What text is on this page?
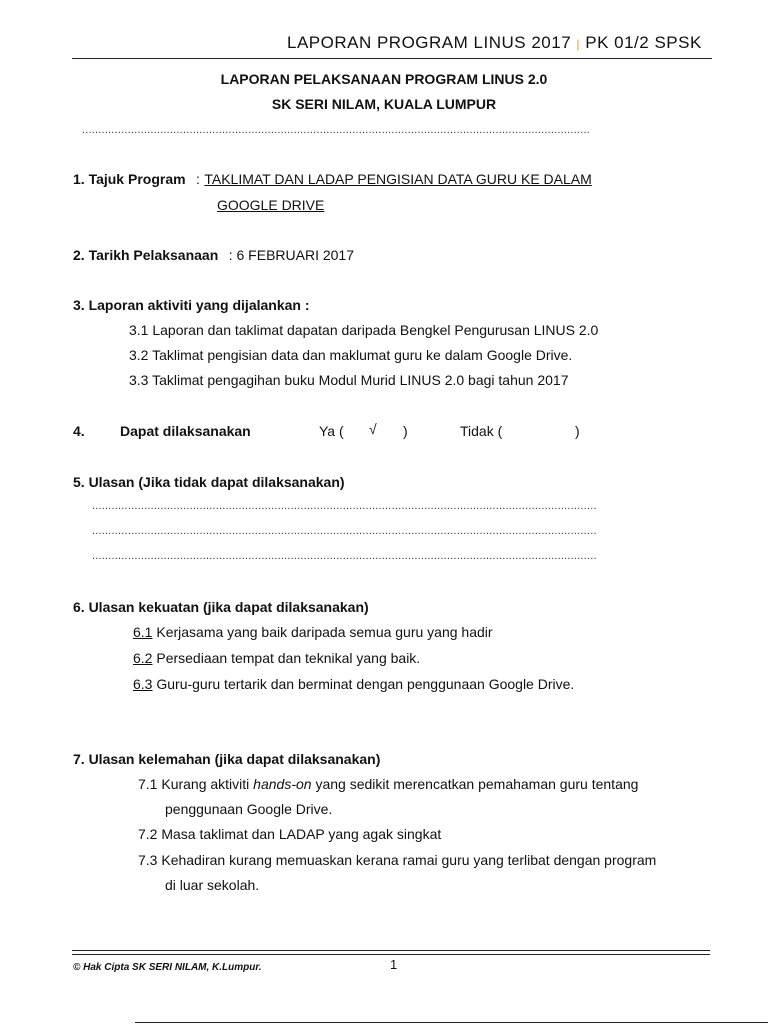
LAPORAN PROGRAM LINUS 2017 | PK 01/2 SPSK
LAPORAN PELAKSANAAN PROGRAM LINUS 2.0
SK SERI NILAM, KUALA LUMPUR
............................................................................................................................................................
1. Tajuk Program : TAKLIMAT DAN LADAP PENGISIAN DATA GURU KE DALAM
GOOGLE DRIVE
2. Tarikh Pelaksanaan : 6 FEBRUARI 2017
3. Laporan aktiviti yang dijalankan :
3.1 Laporan dan taklimat dapatan daripada Bengkel Pengurusan LINUS 2.0
3.2 Taklimat pengisian data dan maklumat guru ke dalam Google Drive.
3.3 Taklimat pengagihan buku Modul Murid LINUS 2.0 bagi tahun 2017
4.	Dapat dilaksanakan	Ya ( √ )	Tidak (	)
5. Ulasan (Jika tidak dapat dilaksanakan)
...........................................................................................................................................................
...........................................................................................................................................................
...........................................................................................................................................................
6. Ulasan kekuatan (jika dapat dilaksanakan)
6.1 Kerjasama yang baik daripada semua guru yang hadir
6.2 Persediaan tempat dan teknikal yang baik.
6.3 Guru-guru tertarik dan berminat dengan penggunaan Google Drive.
7. Ulasan kelemahan (jika dapat dilaksanakan)
7.1 Kurang aktiviti hands-on yang sedikit merencatkan pemahaman guru tentang
penggunaan Google Drive.
7.2 Masa taklimat dan LADAP yang agak singkat
7.3 Kehadiran kurang memuaskan kerana ramai guru yang terlibat dengan program
di luar sekolah.
© Hak Cipta SK SERI NILAM, K.Lumpur.	1
